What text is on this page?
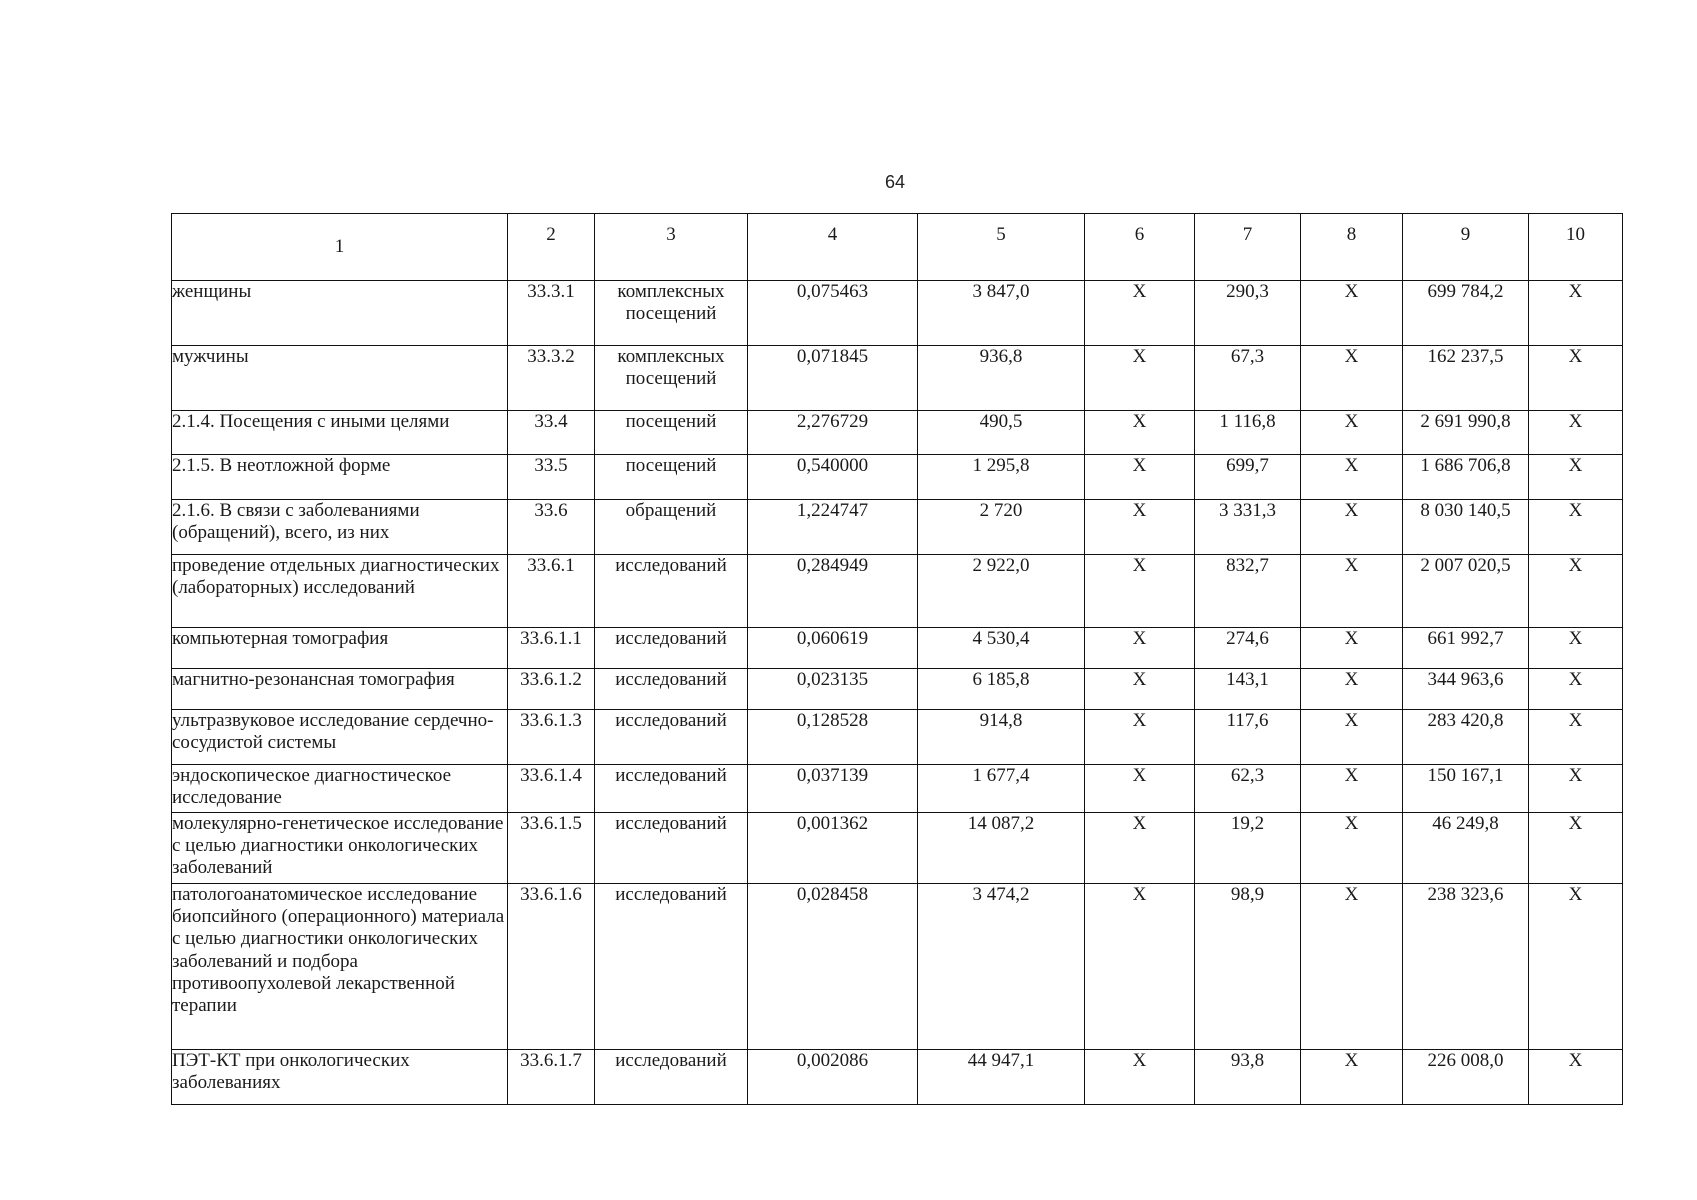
64
1	2	3	4	5	6	7	8	9	10
женщины	33.3.1	комплексных посещений	0,075463	3 847,0	X	290,3	X	699 784,2	X
мужчины	33.3.2	комплексных посещений	0,071845	936,8	X	67,3	X	162 237,5	X
2.1.4. Посещения с иными целями	33.4	посещений	2,276729	490,5	X	1 116,8	X	2 691 990,8	X
2.1.5. В неотложной форме	33.5	посещений	0,540000	1 295,8	X	699,7	X	1 686 706,8	X
2.1.6. В связи с заболеваниями (обращений), всего, из них	33.6	обращений	1,224747	2 720	X	3 331,3	X	8 030 140,5	X
проведение отдельных диагностических (лабораторных) исследований	33.6.1	исследований	0,284949	2 922,0	X	832,7	X	2 007 020,5	X
компьютерная томография	33.6.1.1	исследований	0,060619	4 530,4	X	274,6	X	661 992,7	X
магнитно-резонансная томография	33.6.1.2	исследований	0,023135	6 185,8	X	143,1	X	344 963,6	X
ультразвуковое исследование сердечно-сосудистой системы	33.6.1.3	исследований	0,128528	914,8	X	117,6	X	283 420,8	X
эндоскопическое диагностическое исследование	33.6.1.4	исследований	0,037139	1 677,4	X	62,3	X	150 167,1	X
молекулярно-генетическое исследование с целью диагностики онкологических заболеваний	33.6.1.5	исследований	0,001362	14 087,2	X	19,2	X	46 249,8	X
патологоанатомическое исследование биопсийного (операционного) материала с целью диагностики онкологических заболеваний и подбора противоопухолевой лекарственной терапии	33.6.1.6	исследований	0,028458	3 474,2	X	98,9	X	238 323,6	X
ПЭТ-КТ при онкологических заболеваниях	33.6.1.7	исследований	0,002086	44 947,1	X	93,8	X	226 008,0	X
